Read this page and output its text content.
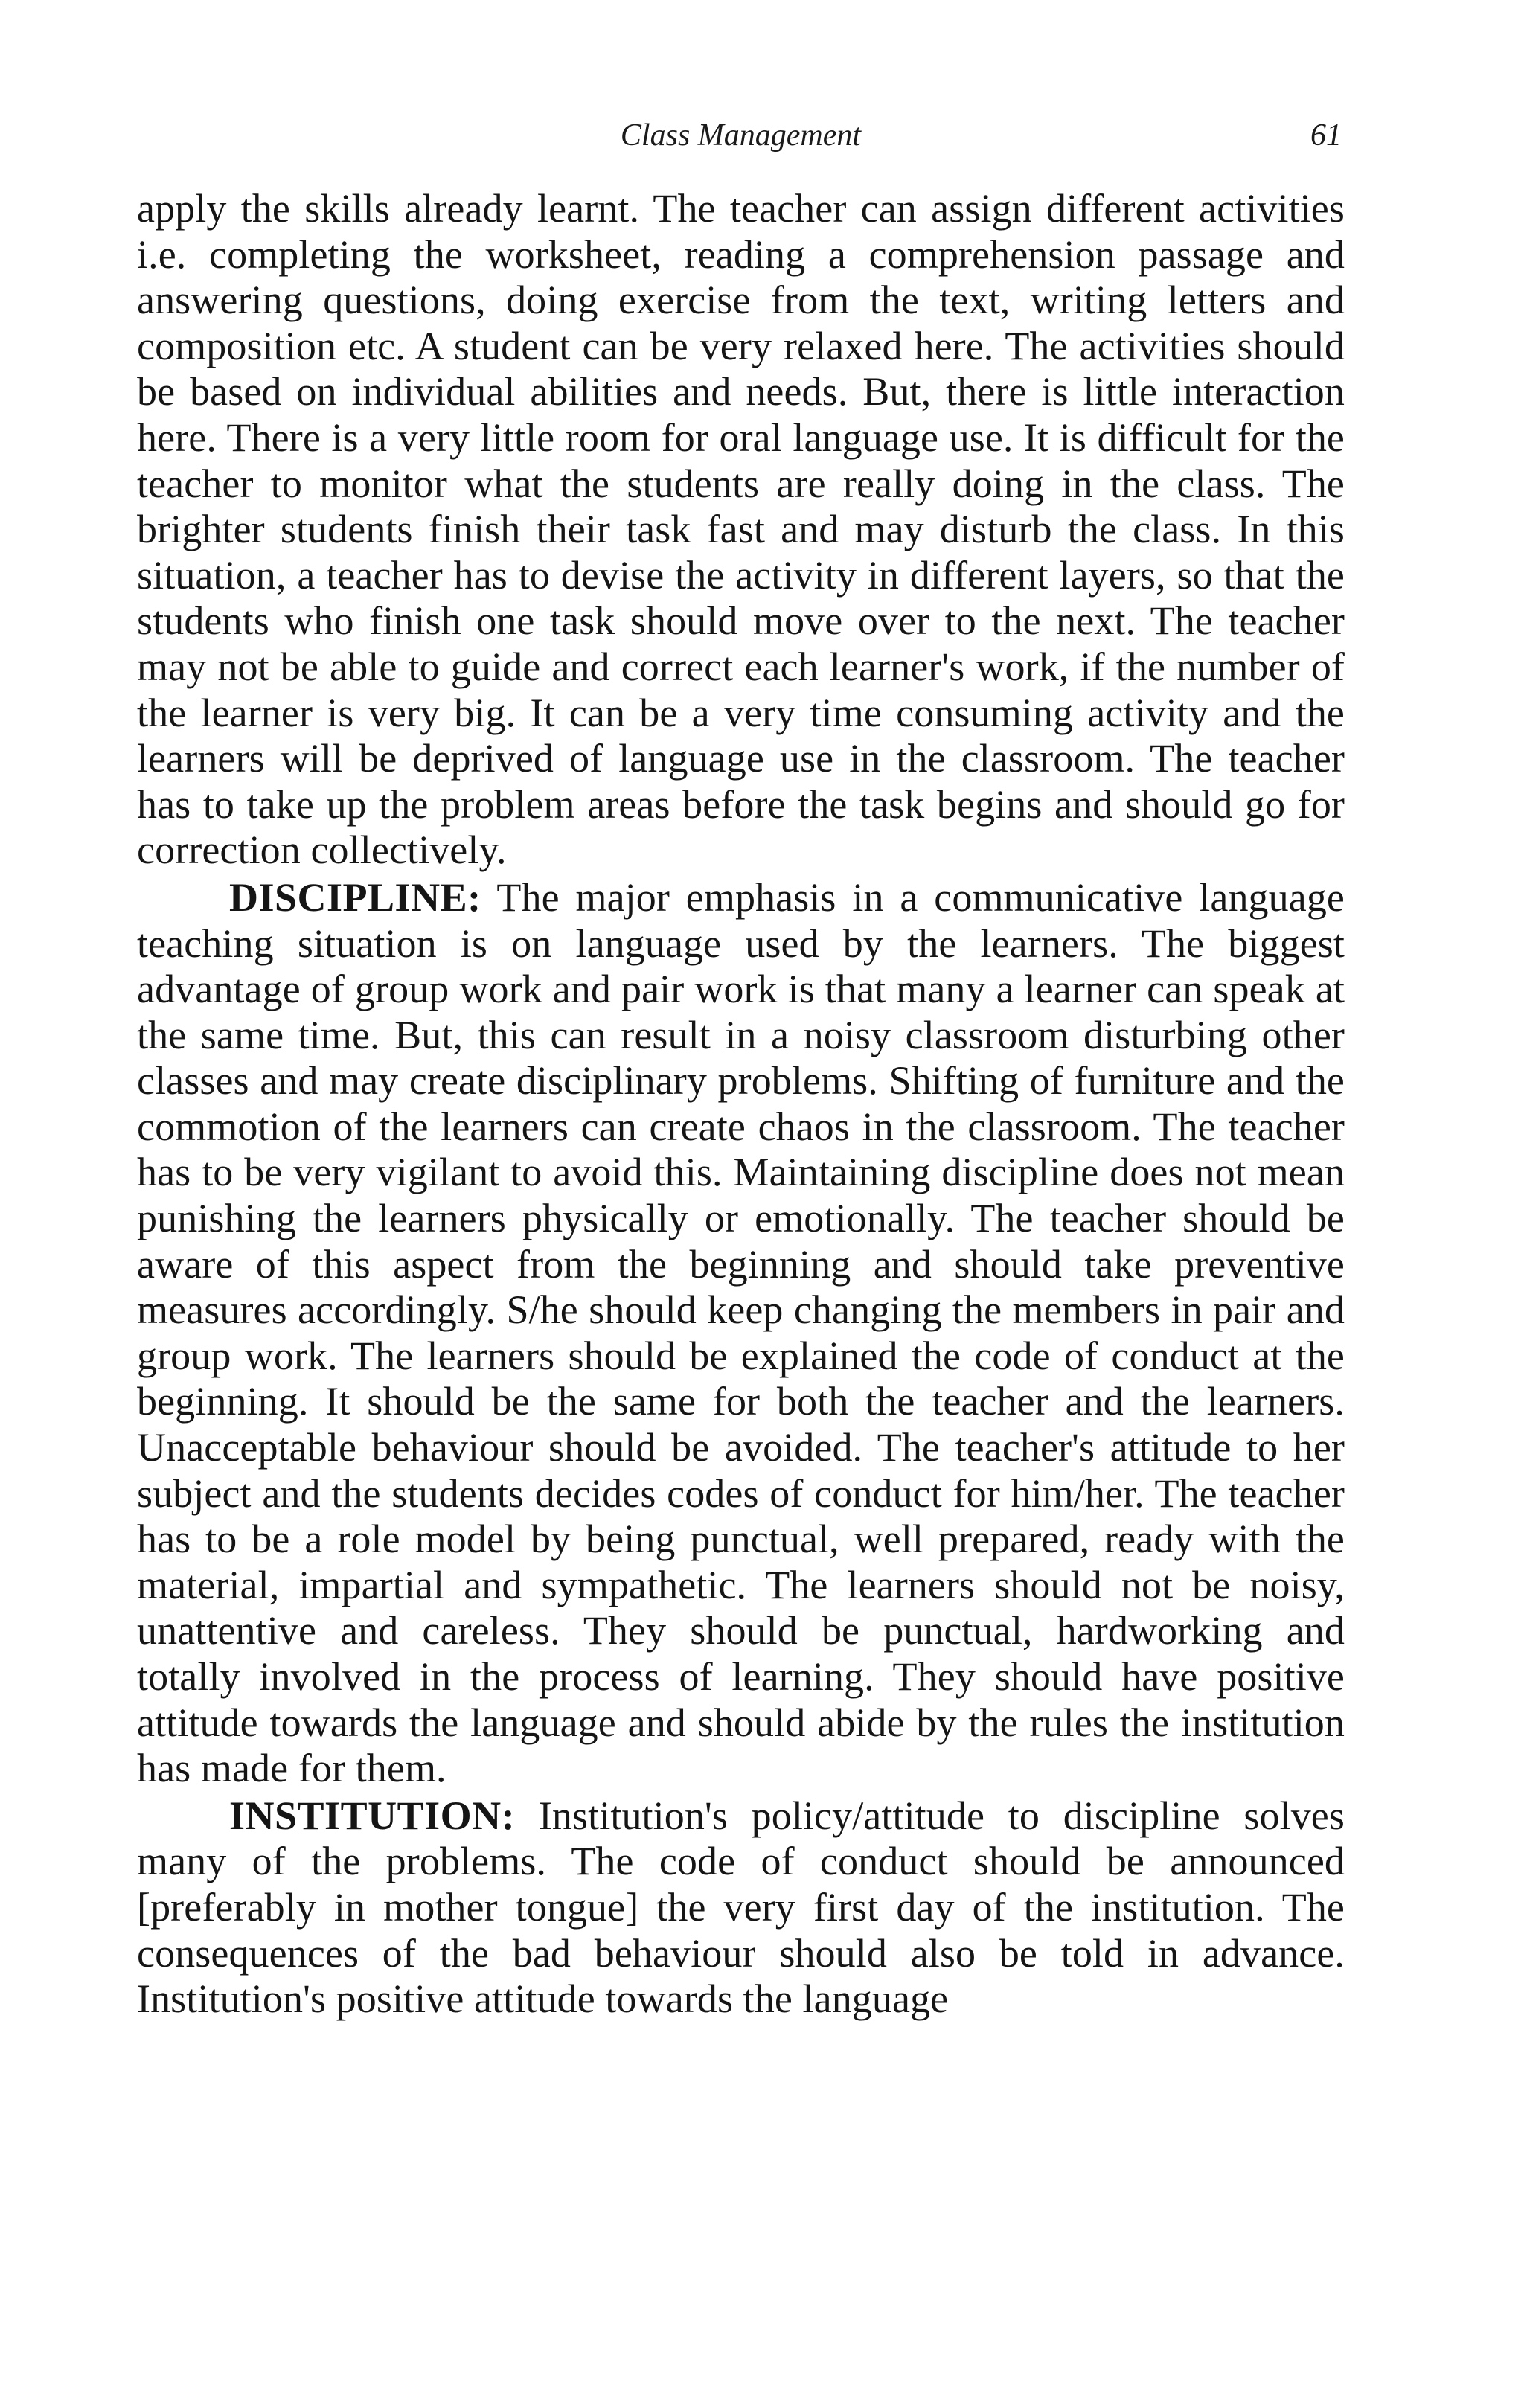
Class Management	61

apply the skills already learnt. The teacher can assign different activities i.e. completing the worksheet, reading a comprehension passage and answering questions, doing exercise from the text, writing letters and composition etc. A student can be very relaxed here. The activities should be based on individual abilities and needs. But, there is little interaction here. There is a very little room for oral language use. It is difficult for the teacher to monitor what the students are really doing in the class. The brighter students finish their task fast and may disturb the class. In this situation, a teacher has to devise the activity in different layers, so that the students who finish one task should move over to the next. The teacher may not be able to guide and correct each learner's work, if the number of the learner is very big. It can be a very time consuming activity and the learners will be deprived of language use in the classroom. The teacher has to take up the problem areas before the task begins and should go for correction collectively.

DISCIPLINE: The major emphasis in a communicative language teaching situation is on language used by the learners. The biggest advantage of group work and pair work is that many a learner can speak at the same time. But, this can result in a noisy classroom disturbing other classes and may create disciplinary problems. Shifting of furniture and the commotion of the learners can create chaos in the classroom. The teacher has to be very vigilant to avoid this. Maintaining discipline does not mean punishing the learners physically or emotionally. The teacher should be aware of this aspect from the beginning and should take preventive measures accordingly. S/he should keep changing the members in pair and group work. The learners should be explained the code of conduct at the beginning. It should be the same for both the teacher and the learners. Unacceptable behaviour should be avoided. The teacher's attitude to her subject and the students decides codes of conduct for him/her. The teacher has to be a role model by being punctual, well prepared, ready with the material, impartial and sympathetic. The learners should not be noisy, unattentive and careless. They should be punctual, hardworking and totally involved in the process of learning. They should have positive attitude towards the language and should abide by the rules the institution has made for them.

INSTITUTION: Institution's policy/attitude to discipline solves many of the problems. The code of conduct should be announced [preferably in mother tongue] the very first day of the institution. The consequences of the bad behaviour should also be told in advance. Institution's positive attitude towards the language
